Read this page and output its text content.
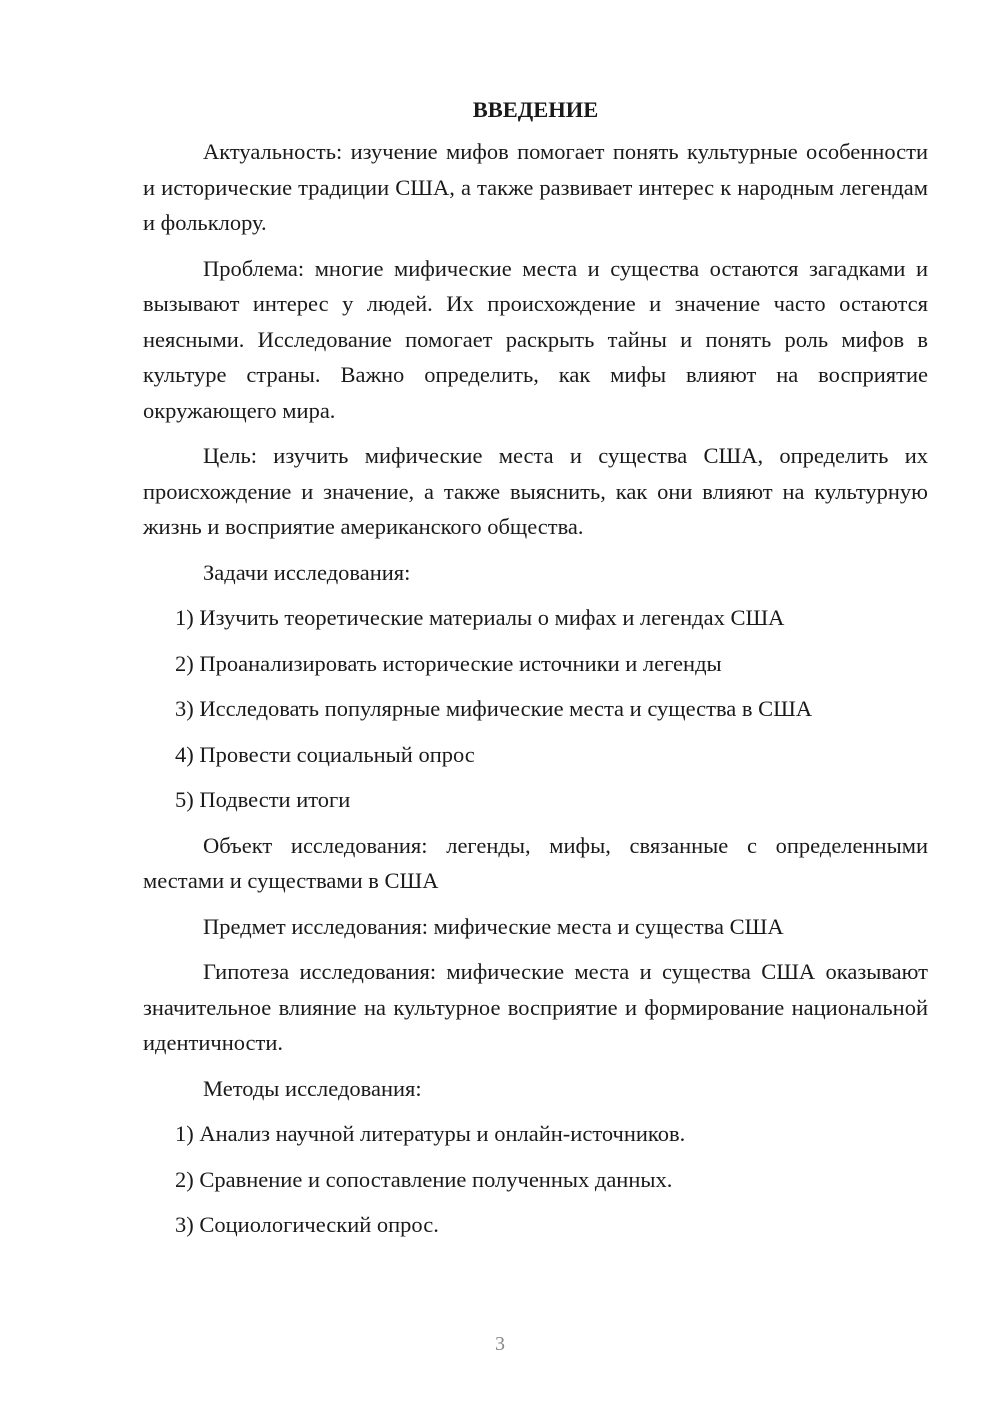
ВВЕДЕНИЕ

Актуальность: изучение мифов помогает понять культурные особенности и исторические традиции США, а также развивает интерес к народным легендам и фольклору.

Проблема: многие мифические места и существа остаются загадками и вызывают интерес у людей. Их происхождение и значение часто остаются неясными. Исследование помогает раскрыть тайны и понять роль мифов в культуре страны. Важно определить, как мифы влияют на восприятие окружающего мира.

Цель: изучить мифические места и существа США, определить их происхождение и значение, а также выяснить, как они влияют на культурную жизнь и восприятие американского общества.

Задачи исследования:

1) Изучить теоретические материалы о мифах и легендах США

2) Проанализировать исторические источники и легенды

3) Исследовать популярные мифические места и существа в США

4) Провести социальный опрос

5) Подвести итоги

Объект исследования: легенды, мифы, связанные с определенными местами и существами в США

Предмет исследования: мифические места и существа США

Гипотеза исследования: мифические места и существа США оказывают значительное влияние на культурное восприятие и формирование национальной идентичности.

Методы исследования:

1) Анализ научной литературы и онлайн-источников.

2) Сравнение и сопоставление полученных данных.

3) Социологический опрос.

3
